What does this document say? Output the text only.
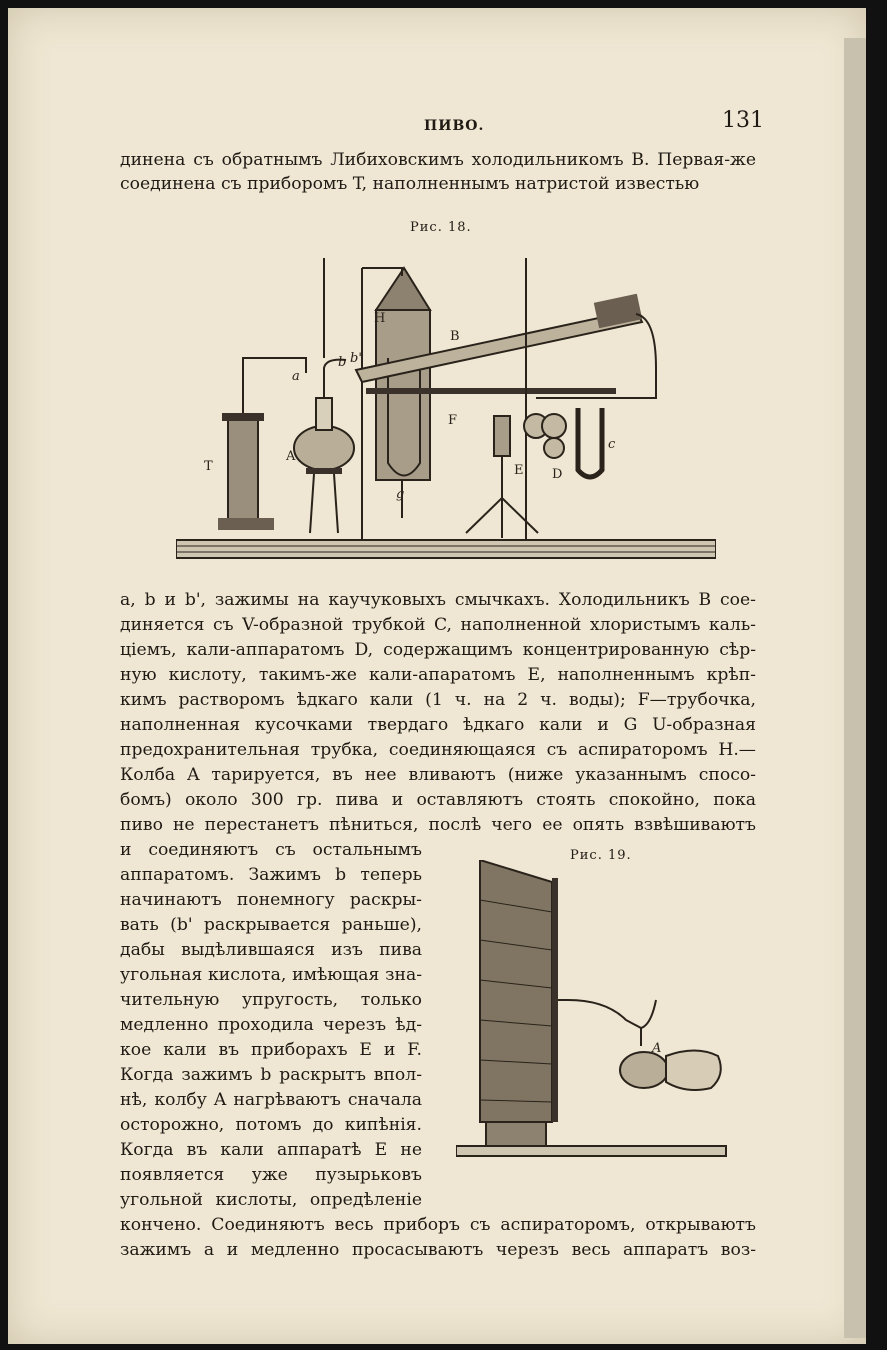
ПИВО.	131
динена съ обратнымъ Либиховскимъ холодильникомъ В. Первая-же
соединена съ приборомъ T, наполненнымъ натристой известью
Рис. 18.
T
A
a
H
g
b b'
B
F
E D
c
a, b и b', зажимы на каучуковыхъ смычкахъ. Холодильникъ В сое-
диняется съ V-образной трубкой C, наполненной хлористымъ каль-
ціемъ, кали-аппаратомъ D, содержащимъ концентрированную сѣр-
ную кислоту, такимъ-же кали-апаратомъ E, наполненнымъ крѣп-
кимъ растворомъ ѣдкаго кали (1 ч. на 2 ч. воды); F—трубочка,
наполненная кусочками твердаго ѣдкаго кали и G U-образная
предохранительная трубка, соединяющаяся съ аспираторомъ H.—
Колба A тарируется, въ нее вливаютъ (ниже указаннымъ спосо-
бомъ) около 300 гр. пива и оставляютъ стоять спокойно, пока
пиво не перестанетъ пѣниться, послѣ чего ее опять взвѣшиваютъ
и соединяютъ съ остальнымъ
аппаратомъ. Зажимъ b теперь
начинаютъ понемногу раскры-
вать (b' раскрывается раньше),
дабы выдѣлившаяся изъ пива
угольная кислота, имѣющая зна-
чительную упругость, только
медленно проходила черезъ ѣд-
кое кали въ приборахъ E и F.
Когда зажимъ b раскрытъ впол-
нѣ, колбу A нагрѣваютъ сначала
осторожно, потомъ до кипѣнія.
Когда въ кали аппаратѣ E не
появляется уже пузырьковъ
угольной кислоты, опредѣленіе
Рис. 19.
A
кончено. Соединяютъ весь приборъ съ аспираторомъ, открываютъ
зажимъ a и медленно просасываютъ черезъ весь аппаратъ воз-
